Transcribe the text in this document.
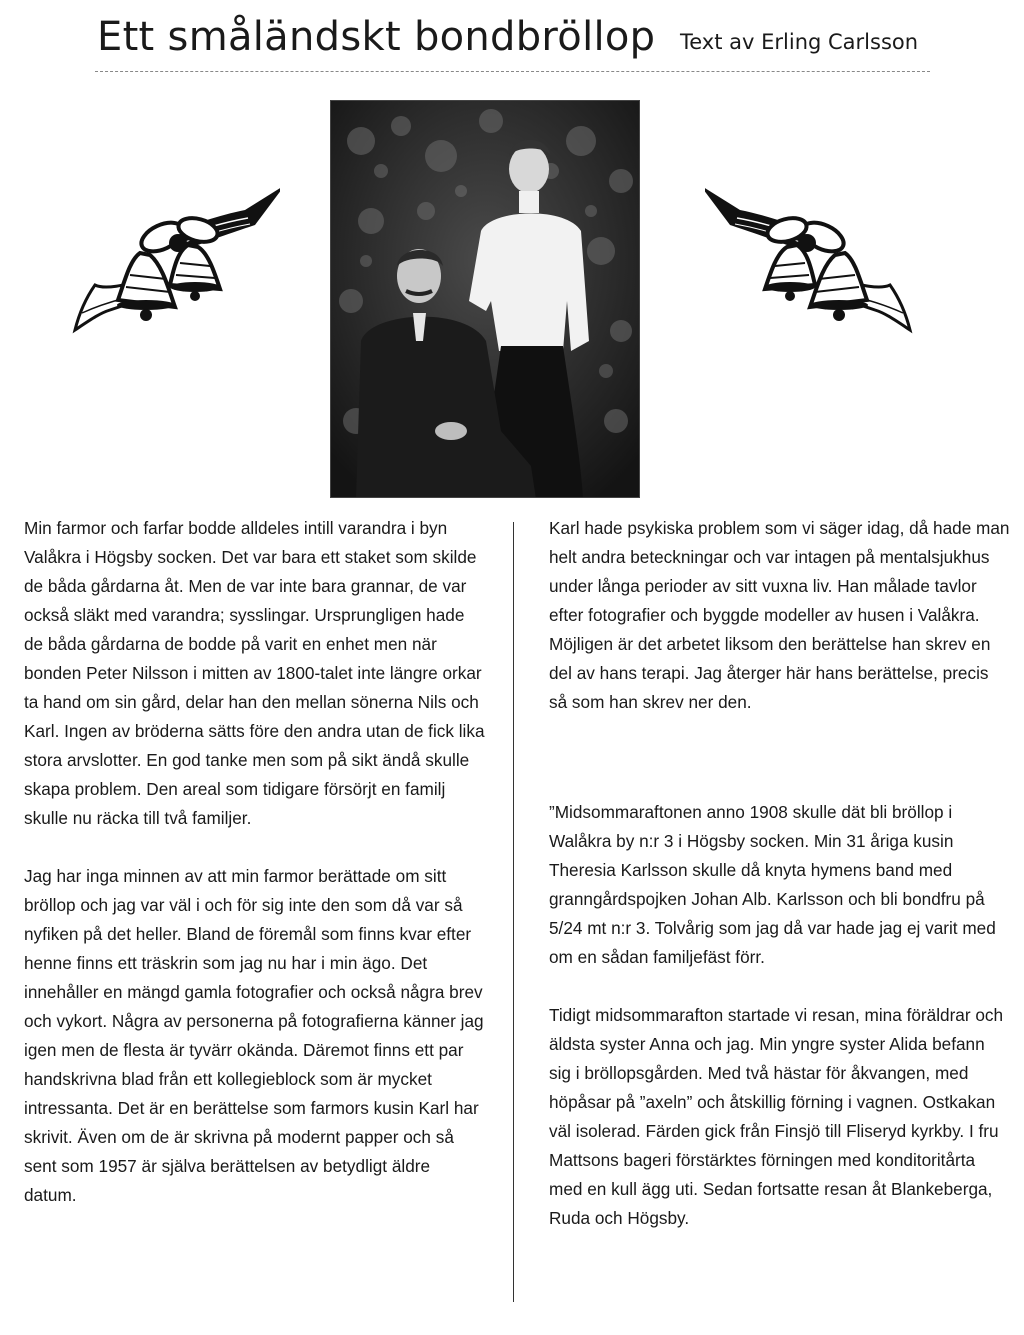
Ett småländskt bondbröllop Text av Erling Carlsson

Min farmor och farfar bodde alldeles intill varandra i byn Valåkra i Högsby socken. Det var bara ett staket som skilde de båda gårdarna åt. Men de var inte bara grannar, de var också släkt med varandra; sysslingar. Ursprungligen hade de båda gårdarna de bodde på varit en enhet men när bonden Peter Nilsson i mitten av 1800-talet inte längre orkar ta hand om sin gård, delar han den mellan sönerna Nils och Karl. Ingen av bröderna sätts före den andra utan de fick lika stora arvslotter. En god tanke men som på sikt ändå skulle skapa problem. Den areal som tidigare försörjt en familj skulle nu räcka till två familjer.

Jag har inga minnen av att min farmor berättade om sitt bröllop och jag var väl i och för sig inte den som då var så nyfiken på det heller. Bland de föremål som finns kvar efter henne finns ett träskrin som jag nu har i min ägo. Det innehåller en mängd gamla fotografier och också några brev och vykort. Några av personerna på fotografierna känner jag igen men de flesta är tyvärr okända. Däremot finns ett par handskrivna blad från ett kollegieblock som är mycket intressanta. Det är en berättelse som farmors kusin Karl har skrivit. Även om de är skrivna på modernt papper och så sent som 1957 är själva berättelsen av betydligt äldre datum.

Karl hade psykiska problem som vi säger idag, då hade man helt andra beteckningar och var intagen på mentalsjukhus under långa perioder av sitt vuxna liv. Han målade tavlor efter fotografier och byggde modeller av husen i Valåkra. Möjligen är det arbetet liksom den berättelse han skrev en del av hans terapi. Jag återger här hans berättelse, precis så som han skrev ner den.

”Midsommaraftonen anno 1908 skulle dät bli bröllop i Walåkra by n:r 3 i Högsby socken. Min 31 åriga kusin Theresia Karlsson skulle då knyta hymens band med granngårdspojken Johan Alb. Karlsson och bli bondfru på 5/24 mt n:r 3. Tolvårig som jag då var hade jag ej varit med om en sådan familjefäst förr.

Tidigt midsommarafton startade vi resan, mina föräldrar och äldsta syster Anna och jag. Min yngre syster Alida befann sig i bröllopsgården. Med två hästar för åkvangen, med höpåsar på ”axeln” och åtskillig förning i vagnen. Ostkakan väl isolerad. Färden gick från Finsjö till Fliseryd kyrkby. I fru Mattsons bageri förstärktes förningen med konditoritårta med en kull ägg uti. Sedan fortsatte resan åt Blankeberga, Ruda och Högsby.
